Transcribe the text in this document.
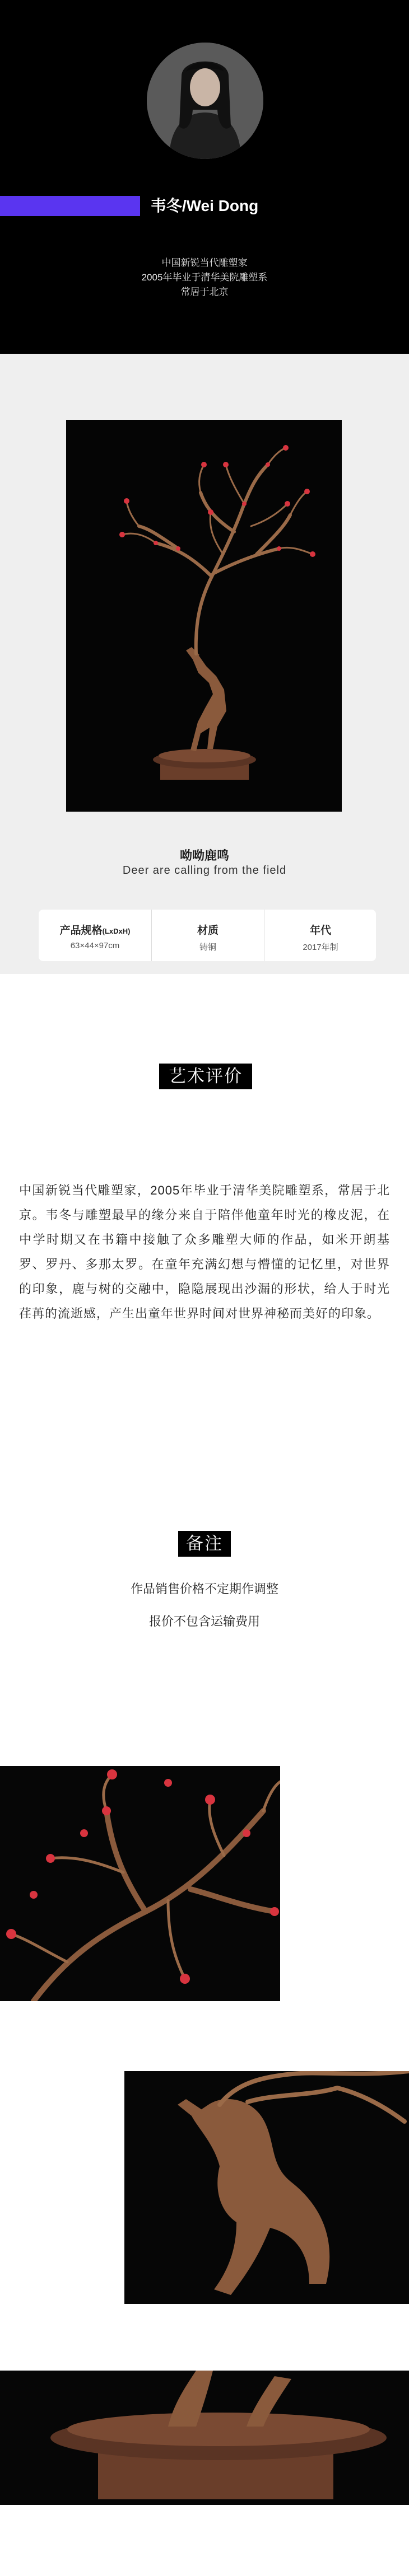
韦冬/Wei Dong
中国新锐当代雕塑家
2005年毕业于清华美院雕塑系
常居于北京
呦呦鹿鸣
Deer are calling from the field
产品规格(LxDxH)
63×44×97cm
材质
铸铜
年代
2017年制
艺术评价

中国新锐当代雕塑家，2005年毕业于清华美院雕塑系，常居于北京。韦冬与雕塑最早的缘分来自于陪伴他童年时光的橡皮泥，在中学时期又在书籍中接触了众多雕塑大师的作品，如米开朗基罗、罗丹、多那太罗。在童年充满幻想与懵懂的记忆里，对世界的印象，鹿与树的交融中，隐隐展现出沙漏的形状，给人于时光荏苒的流逝感，产生出童年世界时间对世界神秘而美好的印象。

备注
作品销售价格不定期作调整
报价不包含运输费用
